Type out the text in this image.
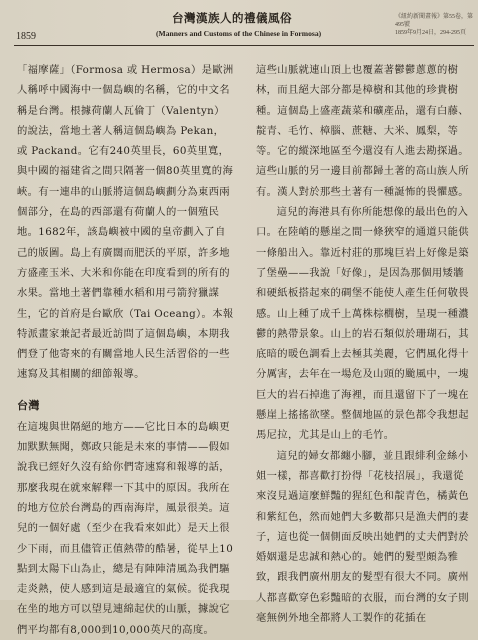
1859
台灣漢族人的禮儀風俗
(Manners and Customs of the Chinese in Formosa)
《紐約新聞畫報》第55卷，第495號
1859年9月24日，294-295頁

「福摩薩」（Formosa 或 Hermosa）是歐洲人稱呼中國海中一個島嶼的名稱，它的中文名稱是台灣。根據荷蘭人瓦倫丁（Valentyn）的說法，當地土著人稱這個島嶼為 Pekan，或 Packand。它有240英里長，60英里寬，與中國的福建省之間只隔著一個80英里寬的海峽。有一連串的山脈將這個島嶼劃分為東西兩個部分，在島的西部還有荷蘭人的一個殖民地。1682年，該島嶼被中國的皇帝劃入了自己的版圖。島上有廣闊而肥沃的平原，許多地方盛產玉米、大米和你能在印度看到的所有的水果。當地土著們靠種水稻和用弓箭狩獵謀生，它的首府是台歐欣（Tai Oceang）。本報特派畫家兼記者最近訪問了這個島嶼，本期我們登了他寄來的有關當地人民生活習俗的一些速寫及其相關的細節報導。

台灣

在這塊與世隔絕的地方——它比日本的島嶼更加默默無聞，鄭政只能是未來的事情——假如說我已經好久沒有給你們寄速寫和報導的話，那麼我現在就來解釋一下其中的原因。我所在的地方位於台灣島的西南海岸，風景很美。這兒的一個好處（至少在我看來如此）是天上很少下雨，而且儘管正值熱帶的酷暑，從早上10點到太陽下山為止，總是有陣陣清風為我們驅走炎熱，使人感到這是最適宜的氣候。從我現在坐的地方可以望見連綿起伏的山脈，據說它們平均都有8,000到10,000英尺的高度。

這些山脈就連山頂上也覆蓋著鬱鬱蔥蔥的樹林，而且絕大部分都是樟樹和其他的珍貴樹種。這個島上盛產蔬菜和礦產品，還有白藤、靛青、毛竹、樟腦、蔗糖、大米、鳳梨，等等。它的縱深地區至今還沒有人進去勘探過。這些山脈的另一邊目前都歸土著的高山族人所有。漢人對於那些土著有一種誕怖的畏懼感。

這兒的海港具有你所能想像的最出色的入口。在陸峭的懸崖之間一條狹窄的通道只能供一條船出入。靠近村莊的那塊巨岩上好像是築了堡壘——我說「好像」，是因為那個用矮牆和硬紙板搭起來的碉堡不能使人產生任何敬畏感。山上種了成千上萬株棕櫚樹，呈現一種濃鬱的熱帶景象。山上的岩石類似於珊瑚石，其底暗的暖色調看上去極其美麗，它們風化得十分厲害，去年在一場危及山頭的颱風中，一塊巨大的岩石掉進了海裡，而且還留下了一塊在懸崖上搖搖欲墜。整個地區的景色都令我想起馬尼拉，尤其是山上的毛竹。

這兒的婦女都纏小腳，並且跟緋利金絲小姐一樣，都喜歡打扮得「花枝招展」，我還從來沒見過這麼鮮豔的猩紅色和靛青色，橘黃色和紫紅色，然而她們大多數都只是漁夫們的妻子，這也從一個側面反映出她們的丈夫們對於婚姻還是忠誠和熱心的。她們的髮型頗為雅致，跟我們廣州朋友的髮型有很大不同。廣州人都喜歡穿色彩豔暗的衣服，而台灣的女子則毫無例外地全都將人工製作的花插在
